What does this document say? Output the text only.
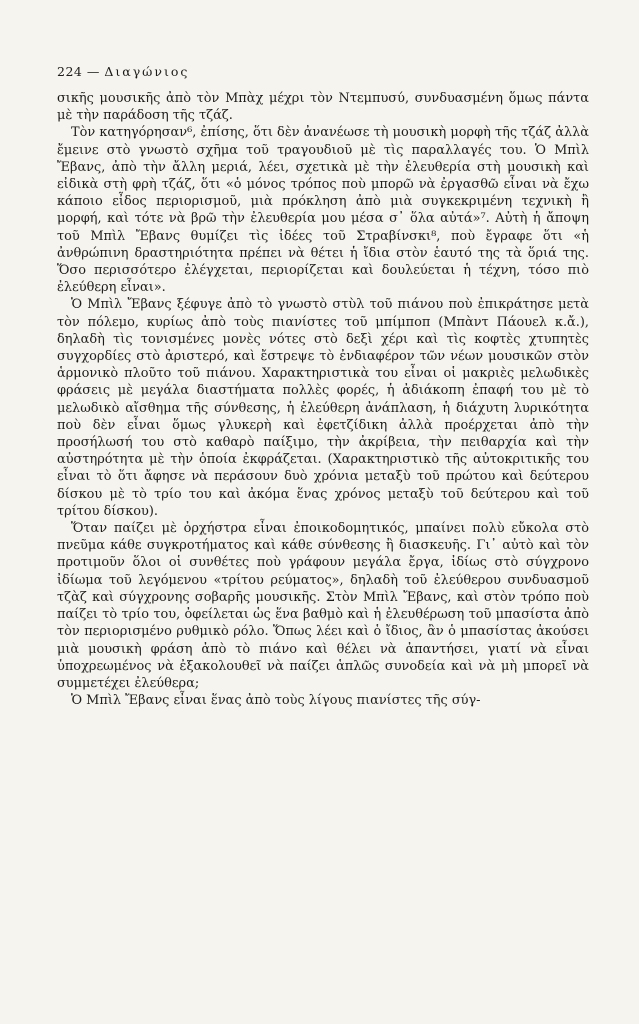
224 — Διαγώνιος

σικῆς μουσικῆς ἀπὸ τὸν Μπὰχ μέχρι τὸν Ντεμπυσύ, συνδυασμένη ὅμως πάντα μὲ τὴν παράδοση τῆς τζάζ.

Τὸν κατηγόρησαν⁶, ἐπίσης, ὅτι δὲν ἀνανέωσε τὴ μουσικὴ μορφὴ τῆς τζάζ ἀλλὰ ἔμεινε στὸ γνωστὸ σχῆμα τοῦ τραγουδιοῦ μὲ τὶς παραλλαγές του. Ὁ Μπὶλ Ἔβανς, ἀπὸ τὴν ἄλλη μεριά, λέει, σχετικὰ μὲ τὴν ἐλευθερία στὴ μουσικὴ καὶ εἰδικὰ στὴ φρὴ τζάζ, ὅτι «ὁ μόνος τρόπος ποὺ μπορῶ νὰ ἐργασθῶ εἶναι νὰ ἔχω κάποιο εἶδος περιορισμοῦ, μιὰ πρόκληση ἀπὸ μιὰ συγκεκριμένη τεχνικὴ ἢ μορφή, καὶ τότε νὰ βρῶ τὴν ἐλευθερία μου μέσα σ᾽ ὅλα αὐτά»⁷. Αὐτὴ ἡ ἄποψη τοῦ Μπὶλ Ἔβανς θυμίζει τὶς ἰδέες τοῦ Στραβίνσκι⁸, ποὺ ἔγραφε ὅτι «ἡ ἀνθρώπινη δραστηριότητα πρέπει νὰ θέτει ἡ ἴδια στὸν ἑαυτό της τὰ ὅριά της. Ὅσο περισσότερο ἐλέγχεται, περιορίζεται καὶ δουλεύεται ἡ τέχνη, τόσο πιὸ ἐλεύθερη εἶναι».

Ὁ Μπὶλ Ἔβανς ξέφυγε ἀπὸ τὸ γνωστὸ στὺλ τοῦ πιάνου ποὺ ἐπικράτησε μετὰ τὸν πόλεμο, κυρίως ἀπὸ τοὺς πιανίστες τοῦ μπίμποπ (Μπὰντ Πάουελ κ.ἄ.), δηλαδὴ τὶς τονισμένες μονὲς νότες στὸ δεξὶ χέρι καὶ τὶς κοφτὲς χτυπητὲς συγχορδίες στὸ ἀριστερό, καὶ ἔστρεψε τὸ ἐνδιαφέρον τῶν νέων μουσικῶν στὸν ἁρμονικὸ πλοῦτο τοῦ πιάνου. Χαρακτηριστικὰ του εἶναι οἱ μακριὲς μελωδικὲς φράσεις μὲ μεγάλα διαστήματα πολλὲς φορές, ἡ ἀδιάκοπη ἐπαφή του μὲ τὸ μελωδικὸ αἴσθημα τῆς σύνθεσης, ἡ ἐλεύθερη ἀνάπλαση, ἡ διάχυτη λυρικότητα ποὺ δὲν εἶναι ὅμως γλυκερὴ καὶ ἐφετζίδικη ἀλλὰ προέρχεται ἀπὸ τὴν προσήλωσή του στὸ καθαρὸ παίξιμο, τὴν ἀκρίβεια, τὴν πειθαρχία καὶ τὴν αὐστηρότητα μὲ τὴν ὁποία ἐκφράζεται. (Χαρακτηριστικὸ τῆς αὐτοκριτικῆς του εἶναι τὸ ὅτι ἄφησε νὰ περάσουν δυὸ χρόνια μεταξὺ τοῦ πρώτου καὶ δεύτερου δίσκου μὲ τὸ τρίο του καὶ ἀκόμα ἕνας χρόνος μεταξὺ τοῦ δεύτερου καὶ τοῦ τρίτου δίσκου).

Ὅταν παίζει μὲ ὀρχήστρα εἶναι ἐποικοδομητικός, μπαίνει πολὺ εὔκολα στὸ πνεῦμα κάθε συγκροτήματος καὶ κάθε σύνθεσης ἢ διασκευῆς. Γι᾽ αὐτὸ καὶ τὸν προτιμοῦν ὅλοι οἱ συνθέτες ποὺ γράφουν μεγάλα ἔργα, ἰδίως στὸ σύγχρονο ἰδίωμα τοῦ λεγόμενου «τρίτου ρεύματος», δηλαδὴ τοῦ ἐλεύθερου συνδυασμοῦ τζὰζ καὶ σύγχρονης σοβαρῆς μουσικῆς. Στὸν Μπὶλ Ἔβανς, καὶ στὸν τρόπο ποὺ παίζει τὸ τρίο του, ὀφείλεται ὡς ἕνα βαθμὸ καὶ ἡ ἐλευθέρωση τοῦ μπασίστα ἀπὸ τὸν περιορισμένο ρυθμικὸ ρόλο. Ὅπως λέει καὶ ὁ ἴδιος, ἂν ὁ μπασίστας ἀκούσει μιὰ μουσικὴ φράση ἀπὸ τὸ πιάνο καὶ θέλει νὰ ἀπαντήσει, γιατί νὰ εἶναι ὑποχρεωμένος νὰ ἐξακολουθεῖ νὰ παίζει ἁπλῶς συνοδεία καὶ νὰ μὴ μπορεῖ νὰ συμμετέχει ἐλεύθερα;

Ὁ Μπὶλ Ἔβανς εἶναι ἕνας ἀπὸ τοὺς λίγους πιανίστες τῆς σύγ-
